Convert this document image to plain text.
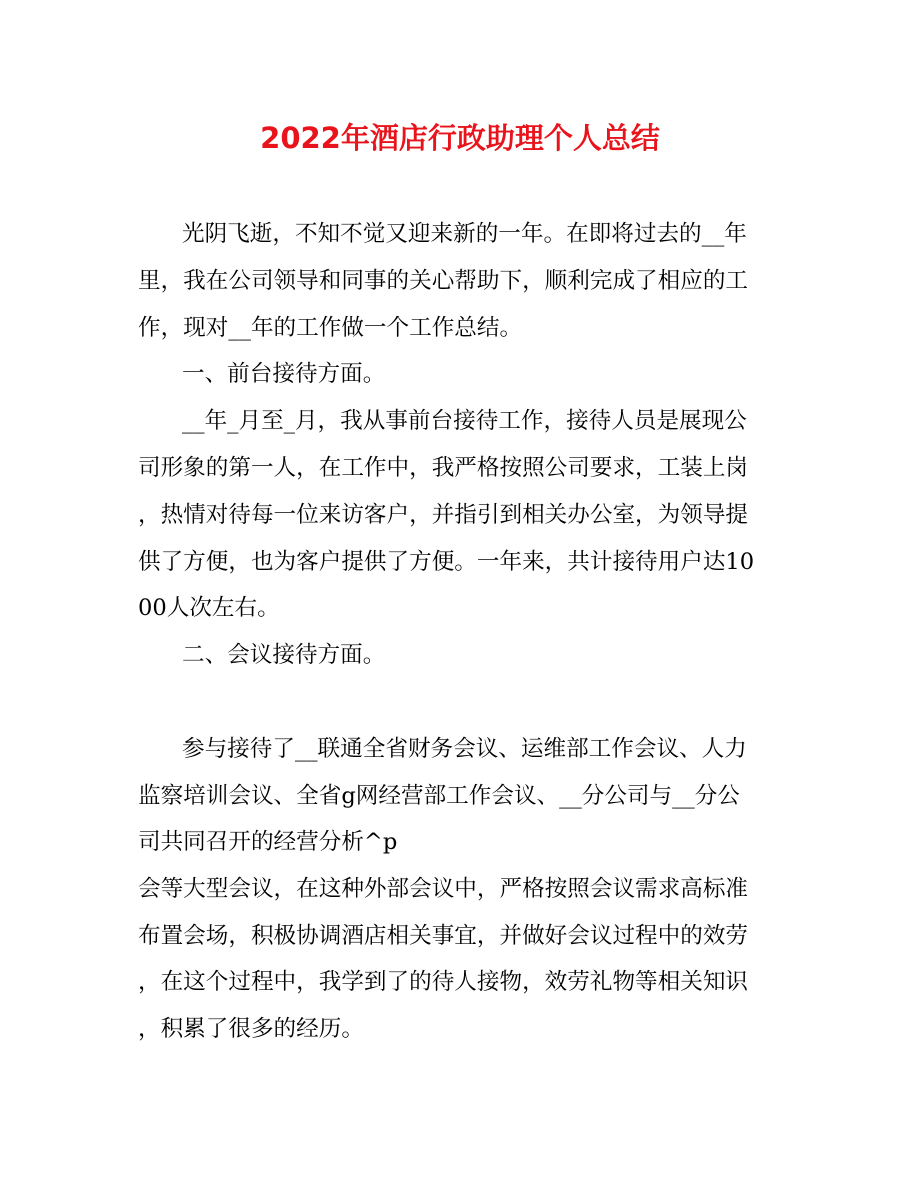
2022年酒店行政助理个人总结

光阴飞逝，不知不觉又迎来新的一年。在即将过去的__年

里，我在公司领导和同事的关心帮助下，顺利完成了相应的工

作，现对__年的工作做一个工作总结。

一、前台接待方面。

__年_月至_月，我从事前台接待工作，接待人员是展现公

司形象的第一人，在工作中，我严格按照公司要求，工装上岗

，热情对待每一位来访客户，并指引到相关办公室，为领导提

供了方便，也为客户提供了方便。一年来，共计接待用户达10

00人次左右。

二、会议接待方面。

参与接待了__联通全省财务会议、运维部工作会议、人力

监察培训会议、全省g网经营部工作会议、__分公司与__分公

司共同召开的经营分析^p

会等大型会议，在这种外部会议中，严格按照会议需求高标准

布置会场，积极协调酒店相关事宜，并做好会议过程中的效劳

，在这个过程中，我学到了的待人接物，效劳礼物等相关知识

，积累了很多的经历。
